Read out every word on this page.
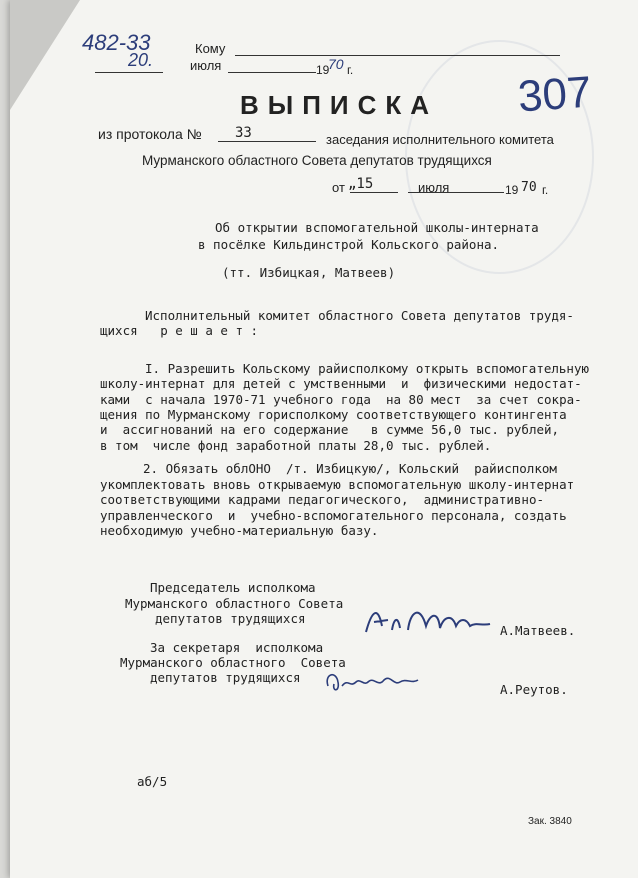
482-33	Кому
20.	июля	19
70 г.	307
ВЫПИСКА
из протокола № 33	заседания исполнительного комитета
Мурманского областного Совета депутатов трудящихся
от „15	июля	19 70 г.
Об открытии вспомогательной школы-интерната
в посёлке Кильдинстрой Кольского района.
(тт. Избицкая, Матвеев)
Исполнительный комитет областного Совета депутатов трудя-
щихся   р е ш а е т :
I. Разрешить Кольскому райисполкому открыть вспомогательную
школу-интернат для детей с умственными  и  физическими недостат-
ками  с начала 1970-71 учебного года  на 80 мест  за счет сокра-
щения по Мурманскому горисполкому соответствующего контингента
и  ассигнований на его содержание   в сумме 56,0 тыс. рублей,
в том  числе фонд заработной платы 28,0 тыс. рублей.
2. Обязать облОНО  /т. Избицкую/, Кольский  райисполком
укомплектовать вновь открываемую вспомогательную школу-интернат
соответствующими кадрами педагогического,  административно-
управленческого  и  учебно-вспомогательного персонала, создать
необходимую учебно-материальную базу.
Председатель исполкома
Мурманского областного Совета
депутатов трудящихся
А.Матвеев.
За секретаря  исполкома
Мурманского областного  Совета
депутатов трудящихся
А.Реутов.
аб/5
Зак. 3840
